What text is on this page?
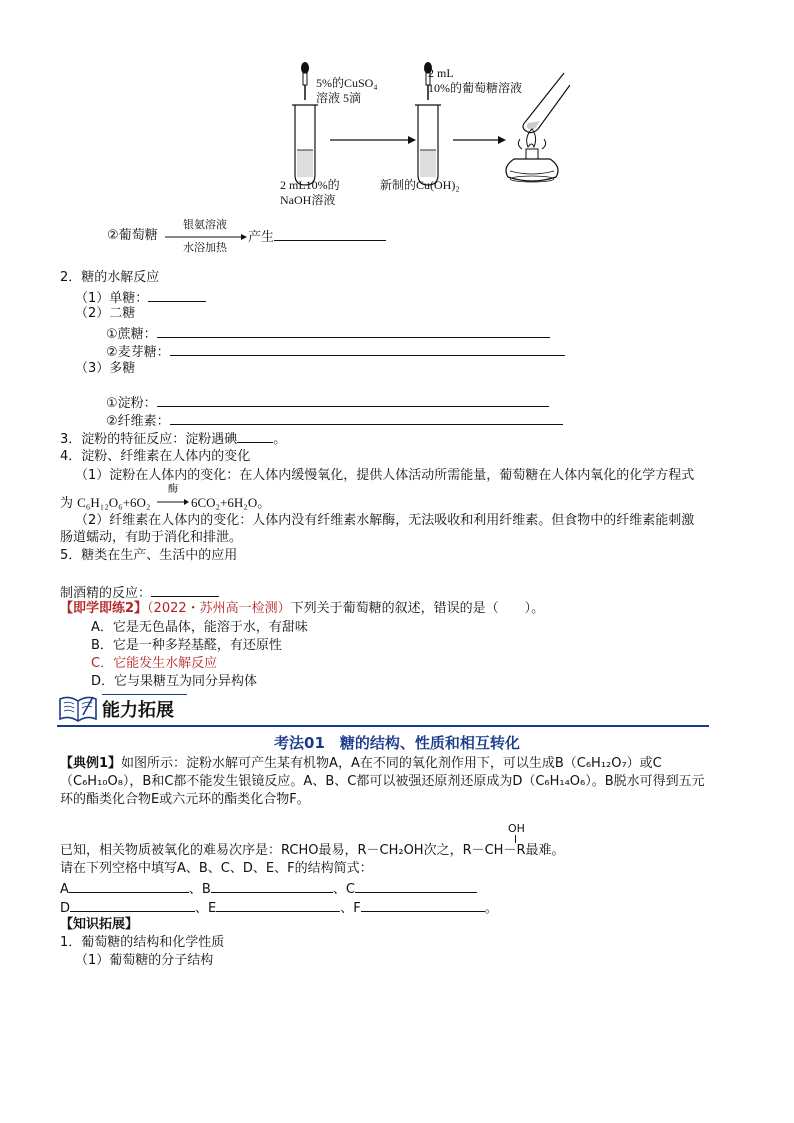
5%的CuSO₄
溶液 5滴
2 mL
10%的葡萄糖溶液
2 mL10%的
NaOH溶液
新制的Cu(OH)₂
②葡萄糖
银氨溶液
水浴加热
产生
2．糖的水解反应
（1）单糖：
（2）二糖
①蔗糖：
②麦芽糖：
（3）多糖
①淀粉：
②纤维素：
3．淀粉的特征反应：淀粉遇碘	。
4．淀粉、纤维素在人体内的变化
（1）淀粉在人体内的变化：在人体内缓慢氧化，提供人体活动所需能量，葡萄糖在人体内氧化的化学方程式
为 C₆H₁₂O₆+6O₂
酶
6CO₂+6H₂O。
（2）纤维素在人体内的变化：人体内没有纤维素水解酶，无法吸收和利用纤维素。但食物中的纤维素能刺激
肠道蠕动，有助于消化和排泄。
5．糖类在生产、生活中的应用
制酒精的反应：
【即学即练2】（2022・苏州高一检测）下列关于葡萄糖的叙述，错误的是（　　）。
A．它是无色晶体，能溶于水，有甜味
B．它是一种多羟基醛，有还原性
C．它能发生水解反应
D．它与果糖互为同分异构体
能力拓展
考法01　糖的结构、性质和相互转化
【典例1】如图所示：淀粉水解可产生某有机物A，A在不同的氧化剂作用下，可以生成B（C₆H₁₂O₇）或C
（C₆H₁₀O₈），B和C都不能发生银镜反应。A、B、C都可以被强还原剂还原成为D（C₆H₁₄O₆）。B脱水可得到五元
环的酯类化合物E或六元环的酯类化合物F。
OH
已知，相关物质被氧化的难易次序是：RCHO最易，R－CH₂OH次之，R－CH－R最难。
请在下列空格中填写A、B、C、D、E、F的结构简式：
A	、B	、C
D	、E	、F	。
【知识拓展】
1．葡萄糖的结构和化学性质
（1）葡萄糖的分子结构
